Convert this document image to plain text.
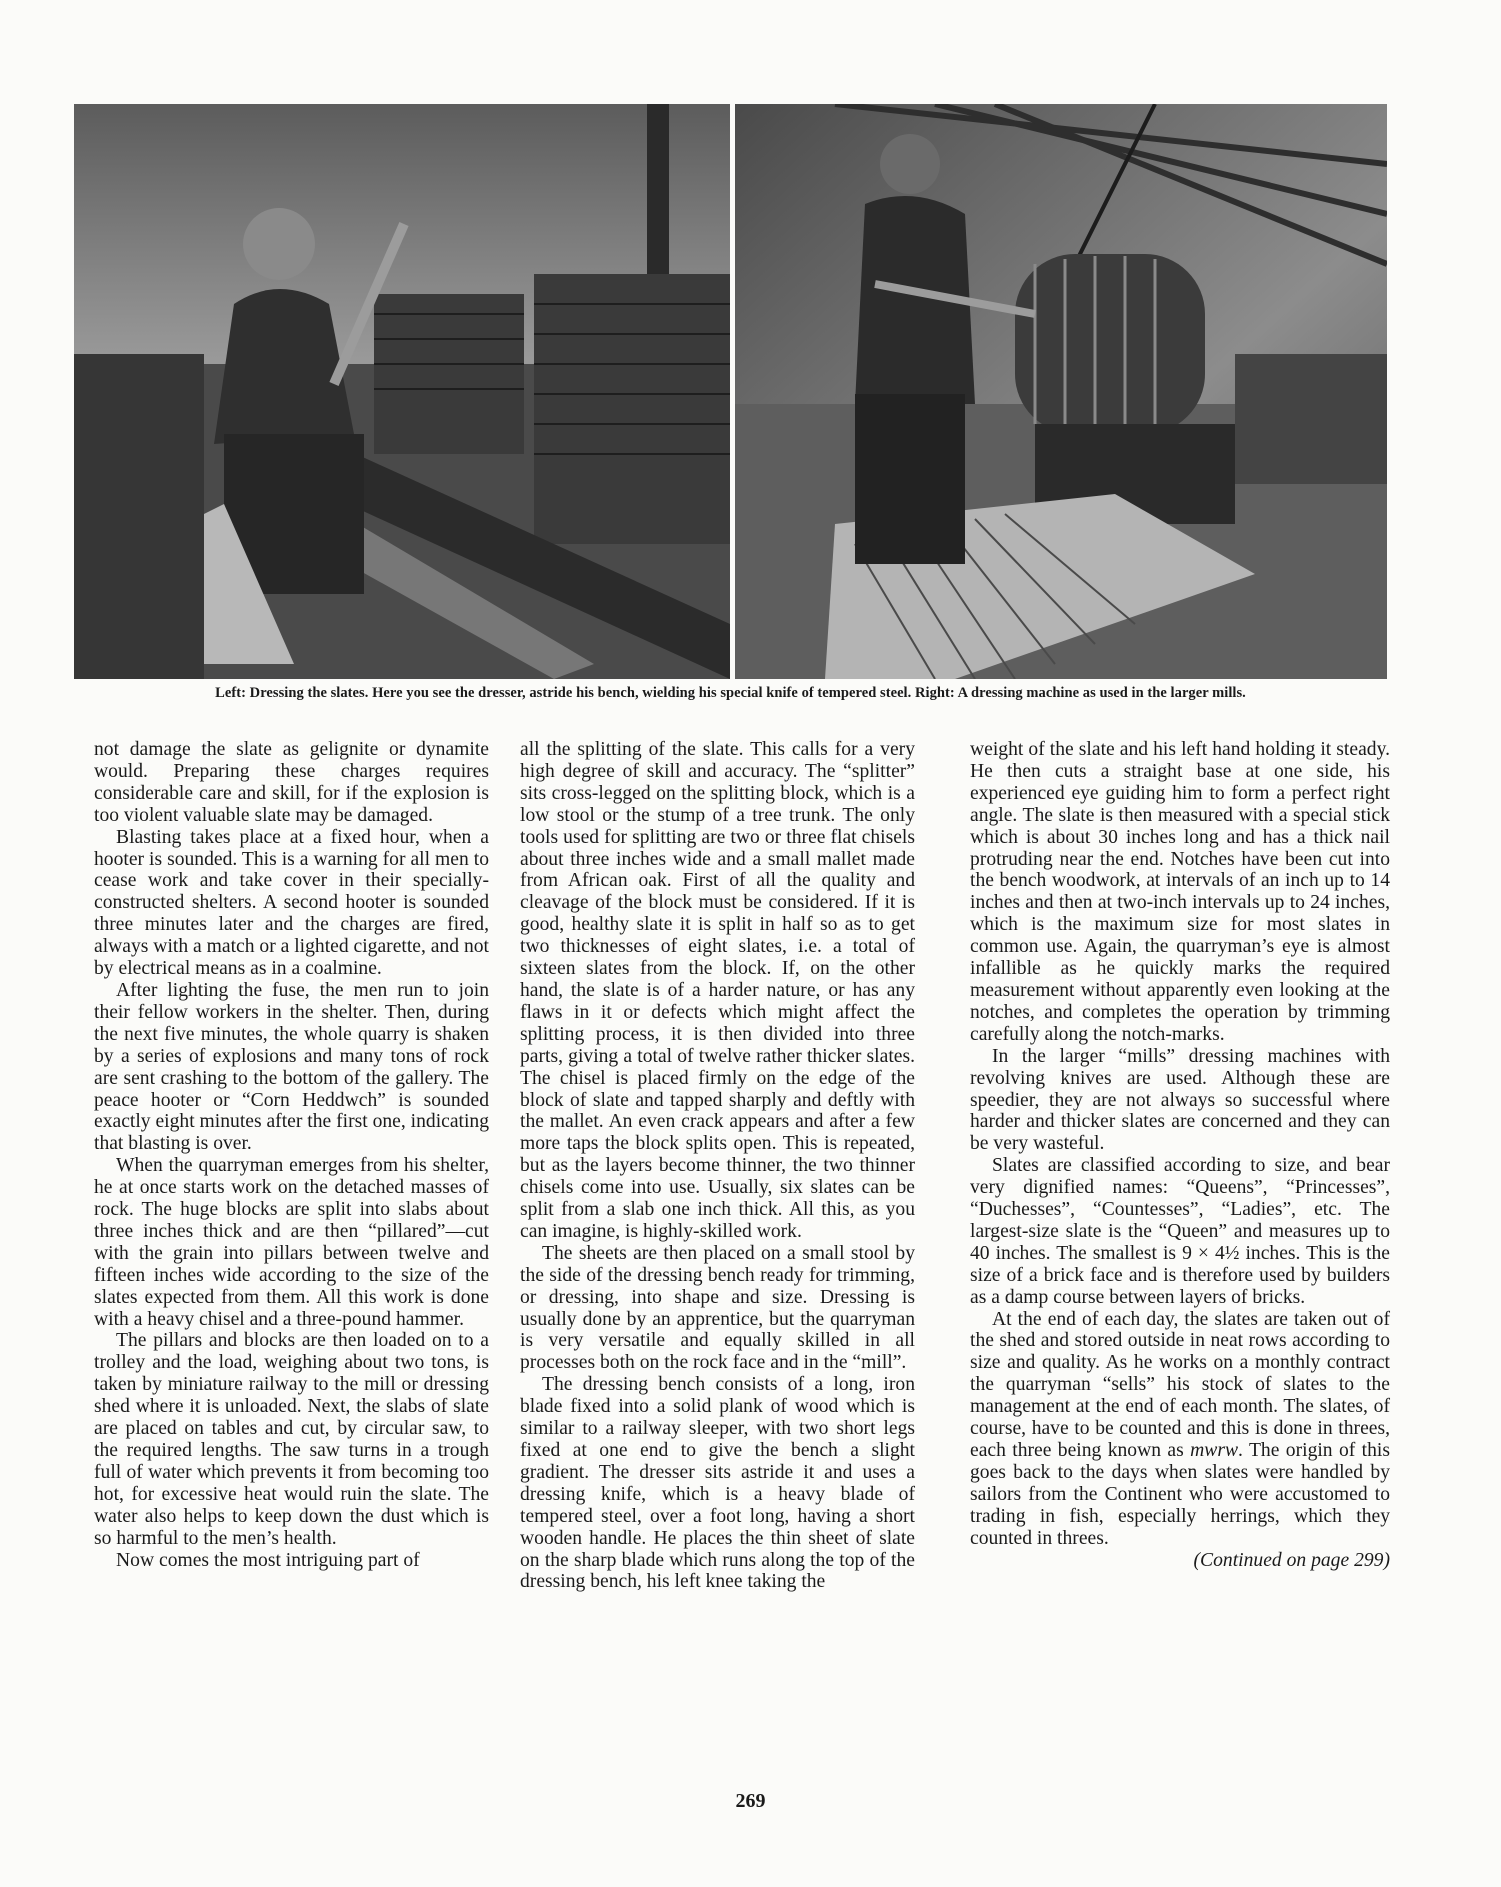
Left: Dressing the slates. Here you see the dresser, astride his bench, wielding his special knife of tempered steel. Right: A dressing machine as used in the larger mills.

not damage the slate as gelignite or dynamite would. Preparing these charges requires considerable care and skill, for if the explosion is too violent valuable slate may be damaged.

Blasting takes place at a fixed hour, when a hooter is sounded. This is a warning for all men to cease work and take cover in their specially-constructed shelters. A second hooter is sounded three minutes later and the charges are fired, always with a match or a lighted cigarette, and not by electrical means as in a coalmine.

After lighting the fuse, the men run to join their fellow workers in the shelter. Then, during the next five minutes, the whole quarry is shaken by a series of explosions and many tons of rock are sent crashing to the bottom of the gallery. The peace hooter or “Corn Heddwch” is sounded exactly eight minutes after the first one, indicating that blasting is over.

When the quarryman emerges from his shelter, he at once starts work on the detached masses of rock. The huge blocks are split into slabs about three inches thick and are then “pillared”—cut with the grain into pillars between twelve and fifteen inches wide according to the size of the slates expected from them. All this work is done with a heavy chisel and a three-pound hammer.

The pillars and blocks are then loaded on to a trolley and the load, weighing about two tons, is taken by miniature railway to the mill or dressing shed where it is unloaded. Next, the slabs of slate are placed on tables and cut, by circular saw, to the required lengths. The saw turns in a trough full of water which prevents it from becoming too hot, for excessive heat would ruin the slate. The water also helps to keep down the dust which is so harmful to the men’s health.

Now comes the most intriguing part of

all the splitting of the slate. This calls for a very high degree of skill and accuracy. The “splitter” sits cross-legged on the splitting block, which is a low stool or the stump of a tree trunk. The only tools used for splitting are two or three flat chisels about three inches wide and a small mallet made from African oak. First of all the quality and cleavage of the block must be considered. If it is good, healthy slate it is split in half so as to get two thicknesses of eight slates, i.e. a total of sixteen slates from the block. If, on the other hand, the slate is of a harder nature, or has any flaws in it or defects which might affect the splitting process, it is then divided into three parts, giving a total of twelve rather thicker slates. The chisel is placed firmly on the edge of the block of slate and tapped sharply and deftly with the mallet. An even crack appears and after a few more taps the block splits open. This is repeated, but as the layers become thinner, the two thinner chisels come into use. Usually, six slates can be split from a slab one inch thick. All this, as you can imagine, is highly-skilled work.

The sheets are then placed on a small stool by the side of the dressing bench ready for trimming, or dressing, into shape and size. Dressing is usually done by an apprentice, but the quarryman is very versatile and equally skilled in all processes both on the rock face and in the “mill”.

The dressing bench consists of a long, iron blade fixed into a solid plank of wood which is similar to a railway sleeper, with two short legs fixed at one end to give the bench a slight gradient. The dresser sits astride it and uses a dressing knife, which is a heavy blade of tempered steel, over a foot long, having a short wooden handle. He places the thin sheet of slate on the sharp blade which runs along the top of the dressing bench, his left knee taking the

weight of the slate and his left hand holding it steady. He then cuts a straight base at one side, his experienced eye guiding him to form a perfect right angle. The slate is then measured with a special stick which is about 30 inches long and has a thick nail protruding near the end. Notches have been cut into the bench woodwork, at intervals of an inch up to 14 inches and then at two-inch intervals up to 24 inches, which is the maximum size for most slates in common use. Again, the quarryman’s eye is almost infallible as he quickly marks the required measurement without apparently even looking at the notches, and completes the operation by trimming carefully along the notch-marks.

In the larger “mills” dressing machines with revolving knives are used. Although these are speedier, they are not always so successful where harder and thicker slates are concerned and they can be very wasteful.

Slates are classified according to size, and bear very dignified names: “Queens”, “Princesses”, “Duchesses”, “Countesses”, “Ladies”, etc. The largest-size slate is the “Queen” and measures up to 40 inches. The smallest is 9 × 4½ inches. This is the size of a brick face and is therefore used by builders as a damp course between layers of bricks.

At the end of each day, the slates are taken out of the shed and stored outside in neat rows according to size and quality. As he works on a monthly contract the quarryman “sells” his stock of slates to the management at the end of each month. The slates, of course, have to be counted and this is done in threes, each three being known as mwrw. The origin of this goes back to the days when slates were handled by sailors from the Continent who were accustomed to trading in fish, especially herrings, which they counted in threes.

(Continued on page 299)

269
